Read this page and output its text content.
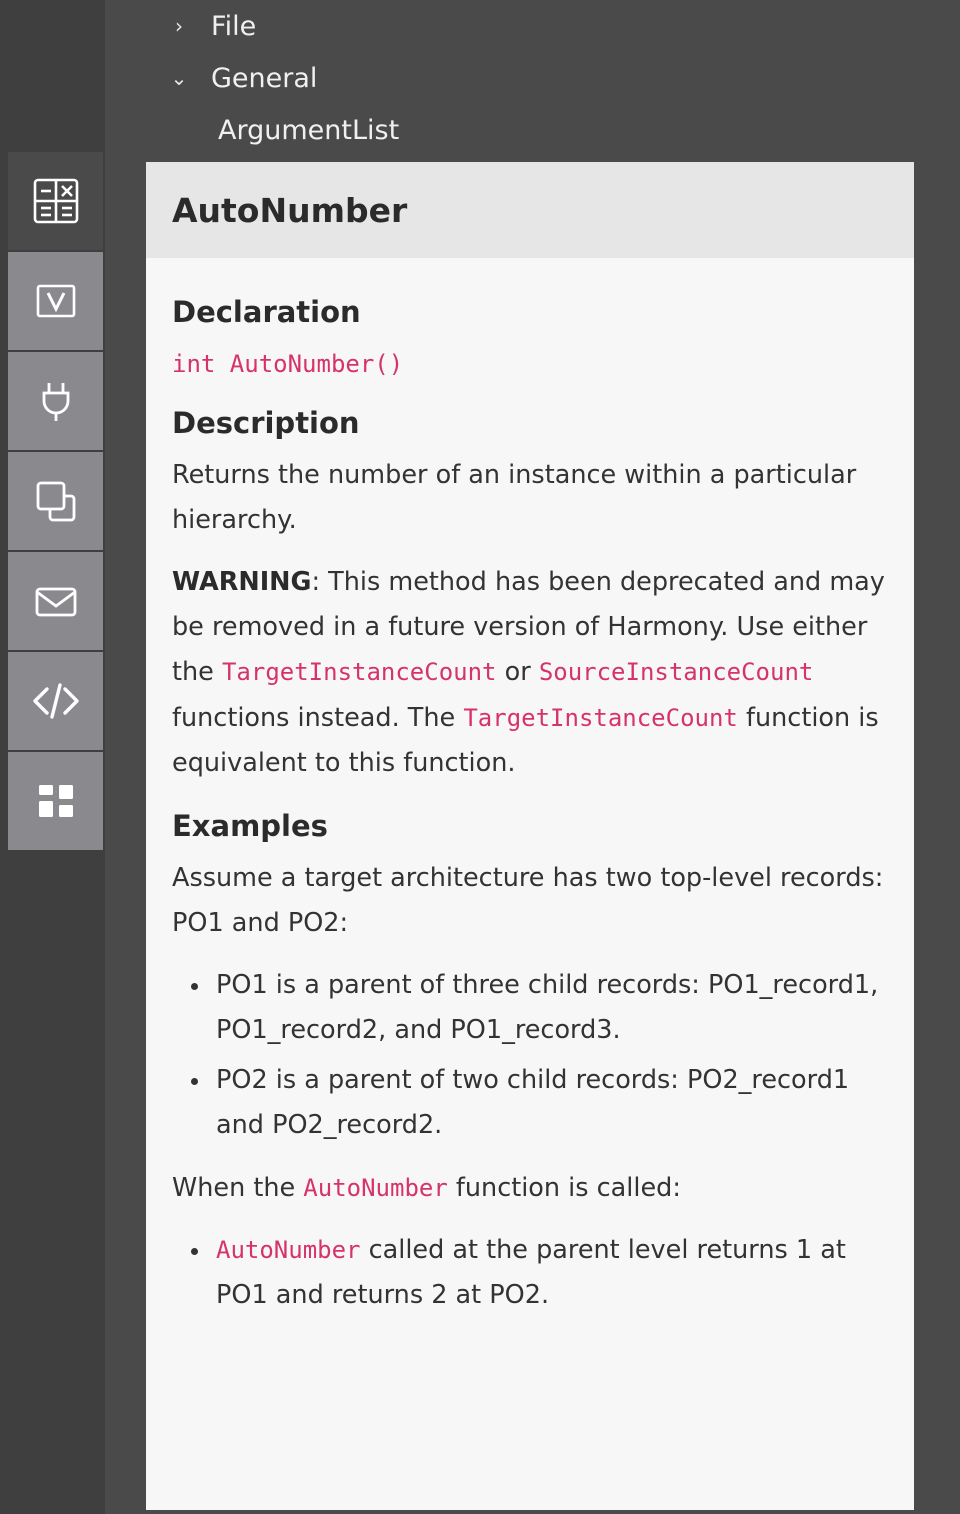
› File
⌄ General
ArgumentList
AutoNumber
Declaration

int AutoNumber()

Description

Returns the number of an instance within a particular hierarchy.

WARNING: This method has been deprecated and may be removed in a future version of Harmony. Use either the TargetInstanceCount or SourceInstanceCount functions instead. The TargetInstanceCount function is equivalent to this function.

Examples

Assume a target architecture has two top-level records: PO1 and PO2:

• PO1 is a parent of three child records: PO1_record1, PO1_record2, and PO1_record3.
• PO2 is a parent of two child records: PO2_record1 and PO2_record2.

When the AutoNumber function is called:

• AutoNumber called at the parent level returns 1 at PO1 and returns 2 at PO2.
